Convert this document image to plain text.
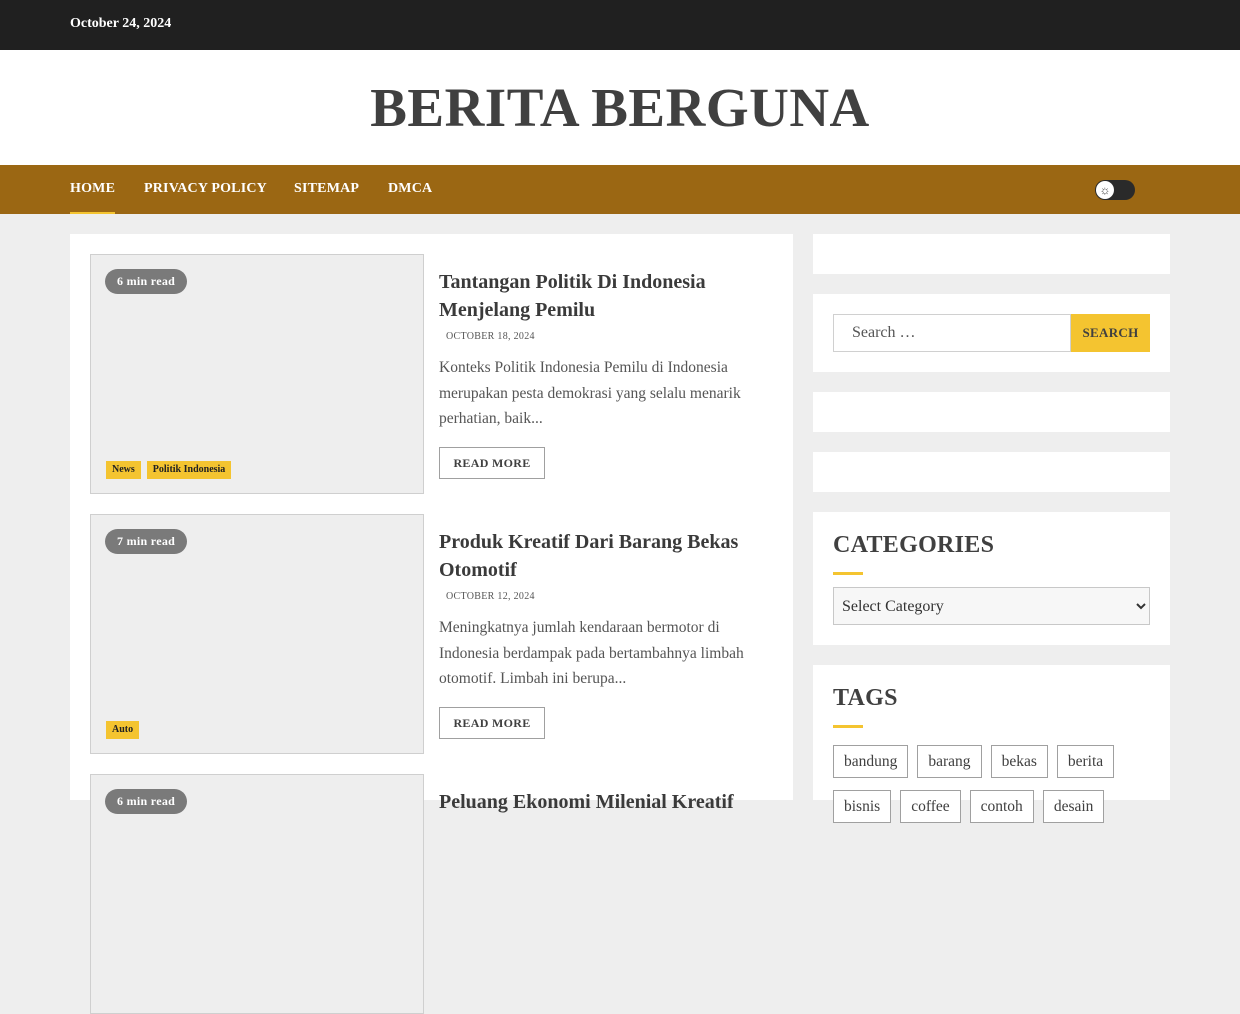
October 24, 2024
BERITA BERGUNA
HOME PRIVACY POLICY SITEMAP DMCA	☼
6 min read
News	Politik Indonesia
Tantangan Politik Di Indonesia Menjelang Pemilu
OCTOBER 18, 2024
Konteks Politik Indonesia Pemilu di Indonesia merupakan pesta demokrasi yang selalu menarik perhatian, baik...
READ MORE
7 min read
Auto
Produk Kreatif Dari Barang Bekas Otomotif
OCTOBER 12, 2024
Meningkatnya jumlah kendaraan bermotor di Indonesia berdampak pada bertambahnya limbah otomotif. Limbah ini berupa...
READ MORE
6 min read	Peluang Ekonomi Milenial Kreatif
Search …
SEARCH
CATEGORIES
Select Category
TAGS
bandung	barang	bekas	berita
bisnis	coffee	contoh	desain
